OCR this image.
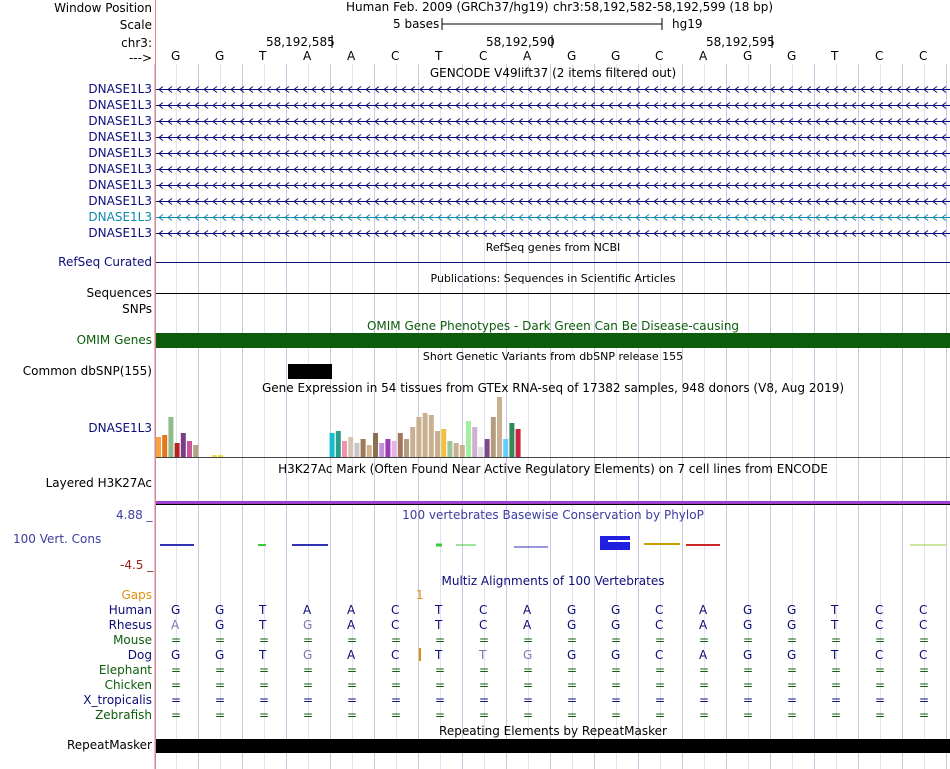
Window Position
Scale
chr3:
--->
Human Feb. 2009 (GRCh37/hg19) chr3:58,192,582-58,192,599 (18 bp)
5 bases	hg19
58,192,585	58,192,590	58,192,595
G	G	T	A	A	C	T	C	A	G	G	C	A	G	G	T	C	C
GENCODE V49lift37 (2 items filtered out)
DNASE1L3
DNASE1L3
DNASE1L3
DNASE1L3
DNASE1L3
DNASE1L3
DNASE1L3
DNASE1L3
DNASE1L3
DNASE1L3
RefSeq genes from NCBI
RefSeq Curated
Publications: Sequences in Scientific Articles
Sequences
SNPs
OMIM Gene Phenotypes - Dark Green Can Be Disease-causing
OMIM Genes
Short Genetic Variants from dbSNP release 155
Common dbSNP(155)
Gene Expression in 54 tissues from GTEx RNA-seq of 17382 samples, 948 donors (V8, Aug 2019)
DNASE1L3
H3K27Ac Mark (Often Found Near Active Regulatory Elements) on 7 cell lines from ENCODE
Layered H3K27Ac
4.88 _	100 vertebrates Basewise Conservation by PhyloP
100 Vert. Cons
-4.5 _
Multiz Alignments of 100 Vertebrates
Gaps	1
Human G	G	T	A	A	C	T	C	A	G	G	C	A	G	G	T	C	C
Rhesus A	G	T	G	A	C	T	C	A	G	G	C	A	G	G	T	C	C
Mouse =	=	=	=	=	=	=	=	=	=	=	=	=	=	=	=	=	=
Dog G	G	T	G	A	C	T	T	G	G	G	C	A	G	G	T	C	C
Elephant =	=	=	=	=	=	=	=	=	=	=	=	=	=	=	=	=	=
Chicken =	=	=	=	=	=	=	=	=	=	=	=	=	=	=	=	=	=
X_tropicalis =	=	=	=	=	=	=	=	=	=	=	=	=	=	=	=	=	=
Zebrafish =	=	=	=	=	=	=	=	=	=	=	=	=	=	=	=	=	=
Repeating Elements by RepeatMasker
RepeatMasker
